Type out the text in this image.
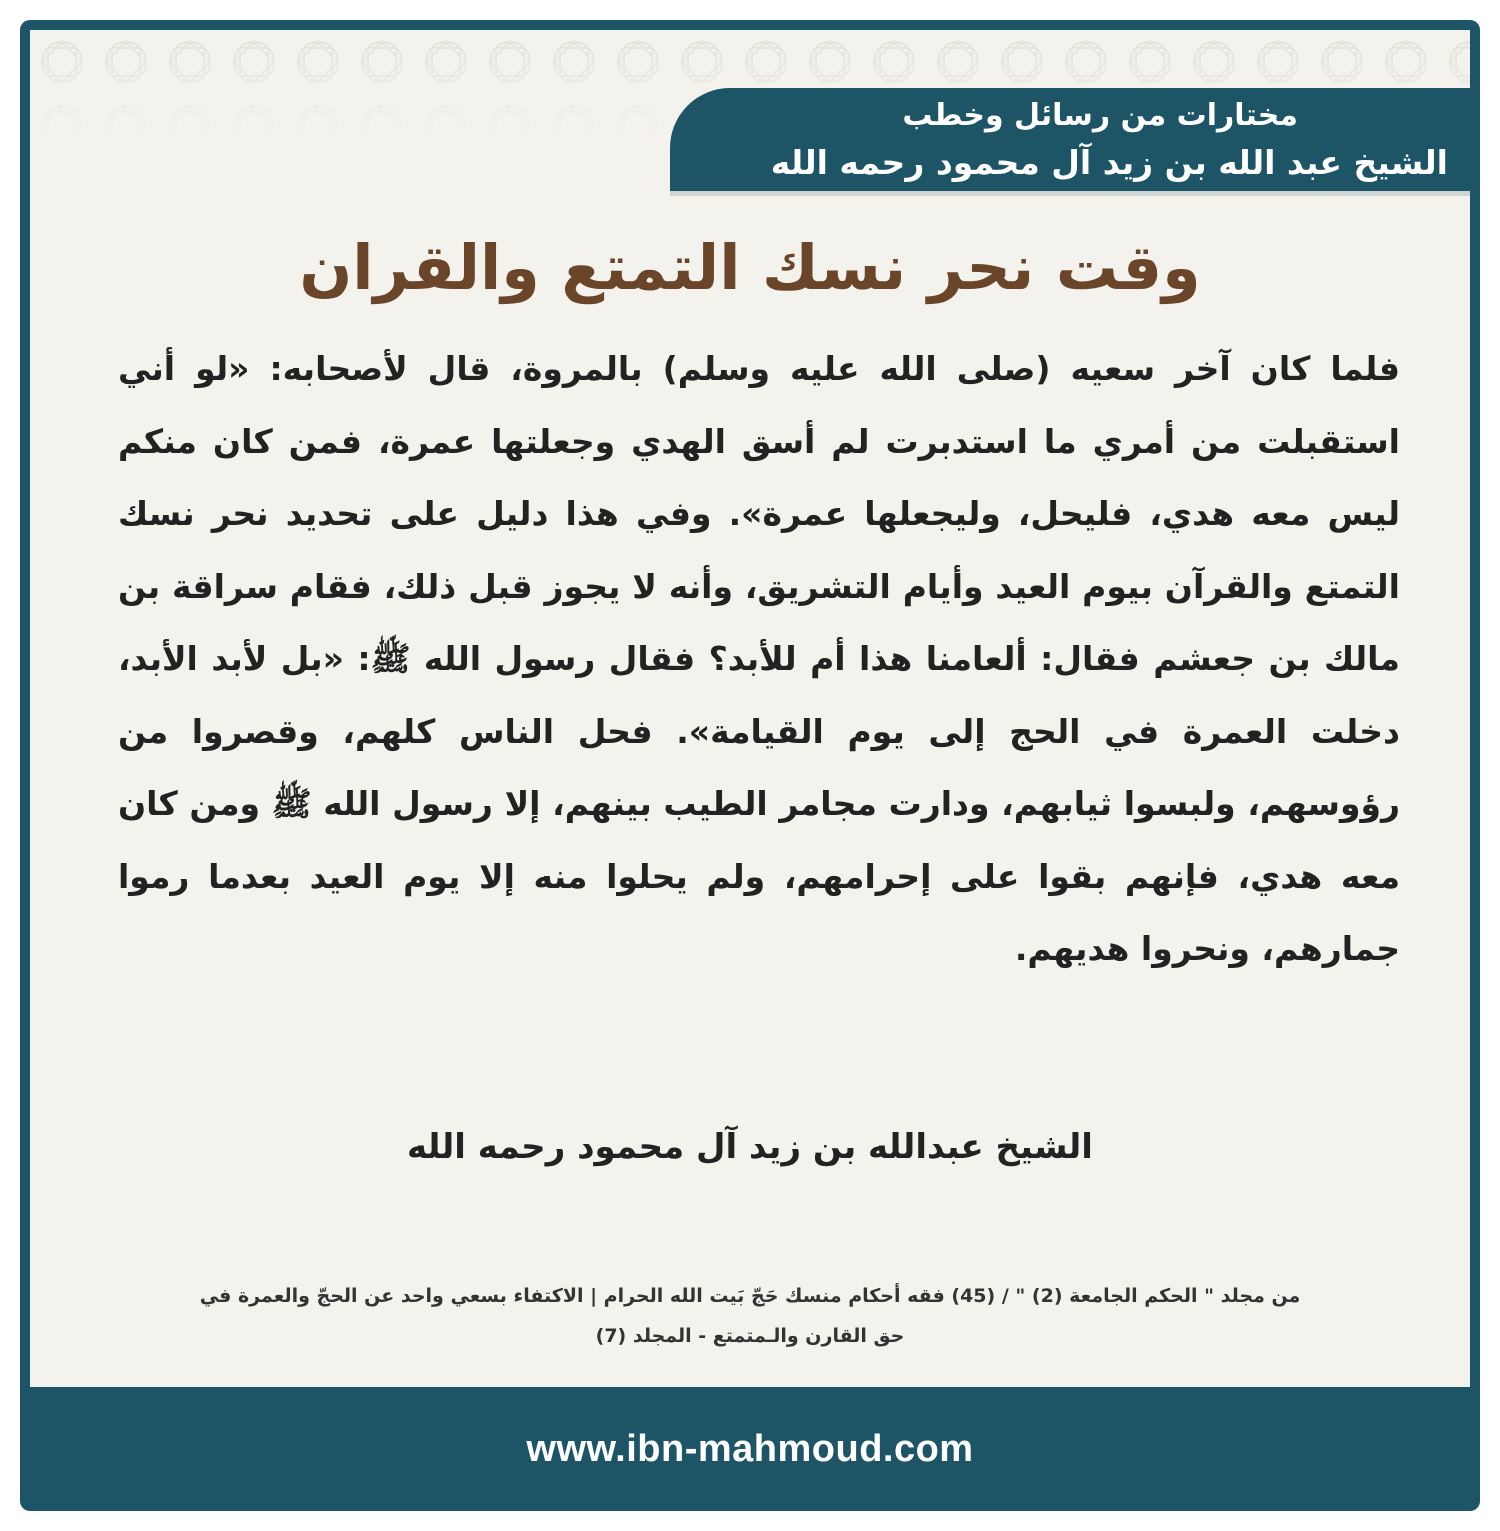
مختارات من رسائل وخطب
الشيخ عبد الله بن زيد آل محمود رحمه الله
وقت نحر نسك التمتع والقران
فلما كان آخر سعيه (صلى الله عليه وسلم) بالمروة، قال لأصحابه: «لو أني استقبلت من أمري ما استدبرت لم أسق الهدي وجعلتها عمرة، فمن كان منكم ليس معه هدي، فليحل، وليجعلها عمرة». وفي هذا دليل على تحديد نحر نسك التمتع والقرآن بيوم العيد وأيام التشريق، وأنه لا يجوز قبل ذلك، فقام سراقة بن مالك بن جعشم فقال: ألعامنا هذا أم للأبد؟ فقال رسول الله ﷺ: «بل لأبد الأبد، دخلت العمرة في الحج إلى يوم القيامة». فحل الناس كلهم، وقصروا من رؤوسهم، ولبسوا ثيابهم، ودارت مجامر الطيب بينهم، إلا رسول الله ﷺ ومن كان معه هدي، فإنهم بقوا على إحرامهم، ولم يحلوا منه إلا يوم العيد بعدما رموا جمارهم، ونحروا هديهم.
الشيخ عبدالله بن زيد آل محمود رحمه الله
من مجلد " الحكم الجامعة (2) " / (45) فقه أحكام منسك حَجّ بَيت الله الحرام | الاكتفاء بسعي واحد عن الحجّ والعمرة في
حق القارن والـمتمتع - المجلد (7)
www.ibn-mahmoud.com
